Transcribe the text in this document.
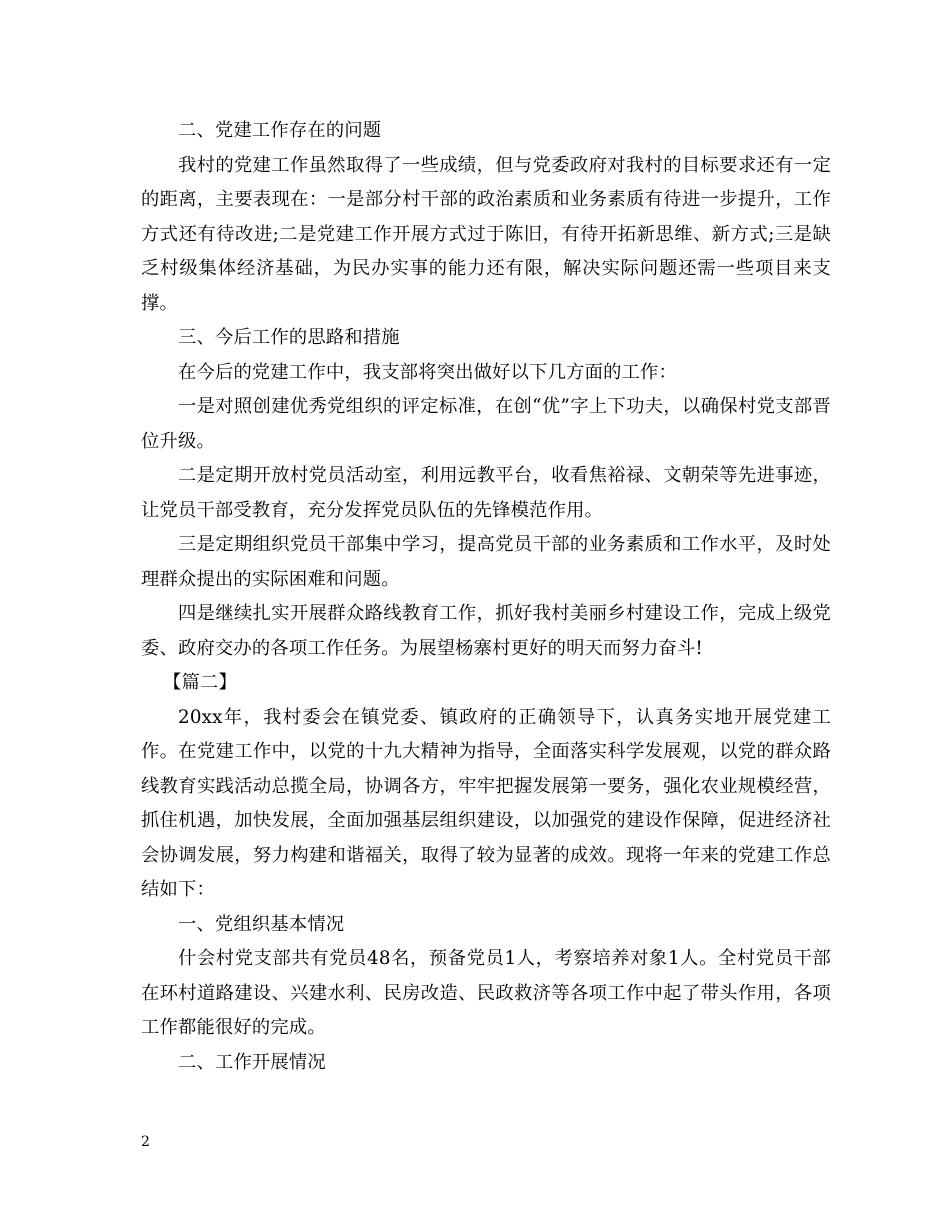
二、党建工作存在的问题

我村的党建工作虽然取得了一些成绩，但与党委政府对我村的目标要求还有一定的距离，主要表现在：一是部分村干部的政治素质和业务素质有待进一步提升，工作方式还有待改进;二是党建工作开展方式过于陈旧，有待开拓新思维、新方式;三是缺乏村级集体经济基础，为民办实事的能力还有限，解决实际问题还需一些项目来支撑。

三、今后工作的思路和措施

在今后的党建工作中，我支部将突出做好以下几方面的工作：

一是对照创建优秀党组织的评定标准，在创“优”字上下功夫，以确保村党支部晋位升级。

二是定期开放村党员活动室，利用远教平台，收看焦裕禄、文朝荣等先进事迹，让党员干部受教育，充分发挥党员队伍的先锋模范作用。

三是定期组织党员干部集中学习，提高党员干部的业务素质和工作水平，及时处理群众提出的实际困难和问题。

四是继续扎实开展群众路线教育工作，抓好我村美丽乡村建设工作，完成上级党委、政府交办的各项工作任务。为展望杨寨村更好的明天而努力奋斗!

【篇二】

20xx年，我村委会在镇党委、镇政府的正确领导下，认真务实地开展党建工作。在党建工作中，以党的十九大精神为指导，全面落实科学发展观，以党的群众路线教育实践活动总揽全局，协调各方，牢牢把握发展第一要务，强化农业规模经营，抓住机遇，加快发展，全面加强基层组织建设，以加强党的建设作保障，促进经济社会协调发展，努力构建和谐福关，取得了较为显著的成效。现将一年来的党建工作总结如下：

一、党组织基本情况

什会村党支部共有党员48名，预备党员1人，考察培养对象1人。全村党员干部在环村道路建设、兴建水利、民房改造、民政救济等各项工作中起了带头作用，各项工作都能很好的完成。

二、工作开展情况

2
